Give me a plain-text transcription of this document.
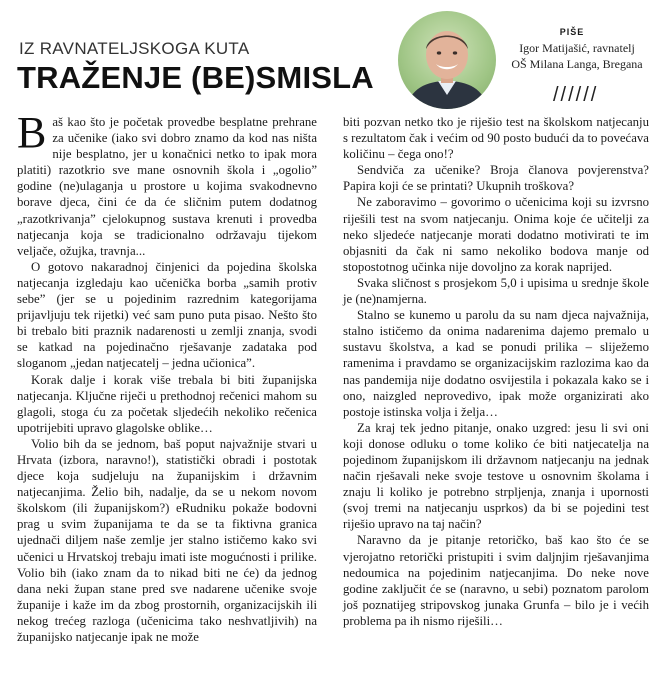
IZ RAVNATELJSKOGA KUTA
TRAŽENJE (BE)SMISLA
PIŠE
Igor Matijašić, ravnatelj
OŠ Milana Langa, Bregana
//////

Baš kao što je početak provedbe besplatne prehrane za učenike (iako svi dobro znamo da kod nas ništa nije besplatno, jer u konačnici netko to ipak mora platiti) razotkrio sve mane osnovnih škola i „ogolio” godine (ne)ulaganja u prostore u kojima svakodnevno borave djeca, čini će da će sličnim putem dodatnog „razotkrivanja” cjelokupnog sustava krenuti i provedba natjecanja koja se tradicionalno održavaju tijekom veljače, ožujka, travnja...

O gotovo nakaradnoj činjenici da pojedina školska natjecanja izgledaju kao učenička borba „samih protiv sebe” (jer se u pojedinim razrednim kategorijama prijavljuju tek rijetki) već sam puno puta pisao. Nešto što bi trebalo biti praznik nadarenosti u zemlji znanja, svodi se katkad na pojedinačno rješavanje zadataka pod sloganom „jedan natjecatelj – jedna učionica”.

Korak dalje i korak više trebala bi biti županijska natjecanja. Ključne riječi u prethodnoj rečenici mahom su glagoli, stoga ću za početak sljedećih nekoliko rečenica upotrijebiti upravo glagolske oblike…

Volio bih da se jednom, baš poput najvažnije stvari u Hrvata (izbora, naravno!), statistički obradi i postotak djece koja sudjeluju na županijskim i državnim natjecanjima. Želio bih, nadalje, da se u nekom novom školskom (ili županijskom?) eRudniku pokaže bodovni prag u svim županijama te da se ta fiktivna granica ujednači diljem naše zemlje jer stalno ističemo kako svi učenici u Hrvatskoj trebaju imati iste mogućnosti i prilike. Volio bih (iako znam da to nikad biti ne će) da jednog dana neki župan stane pred sve nadarene učenike svoje županije i kaže im da zbog prostornih, organizacijskih ili nekog trećeg razloga (učenicima tako neshvatljivih) na županijsko natjecanje ipak ne može

biti pozvan netko tko je riješio test na školskom natjecanju s rezultatom čak i većim od 90 posto budući da to povećava količinu – čega ono!?

Sendviča za učenike? Broja članova povjerenstva? Papira koji će se printati? Ukupnih troškova?

Ne zaboravimo – govorimo o učenicima koji su izvrsno riješili test na svom natjecanju. Onima koje će učitelji za neko sljedeće natjecanje morati dodatno motivirati te im objasniti da čak ni samo nekoliko bodova manje od stopostotnog učinka nije dovoljno za korak naprijed.

Svaka sličnost s prosjekom 5,0 i upisima u srednje škole je (ne)namjerna.

Stalno se kunemo u parolu da su nam djeca najvažnija, stalno ističemo da onima nadarenima dajemo premalo u sustavu školstva, a kad se ponudi prilika – sliježemo ramenima i pravdamo se organizacijskim razlozima kao da nas pandemija nije dodatno osvijestila i pokazala kako se i ono, naizgled neprovedivo, ipak može organizirati ako postoje istinska volja i želja…

Za kraj tek jedno pitanje, onako uzgred: jesu li svi oni koji donose odluku o tome koliko će biti natjecatelja na pojedinom županijskom ili državnom natjecanju na jednak način rješavali neke svoje testove u osnovnim školama i znaju li koliko je potrebno strpljenja, znanja i upornosti (svoj tremi na natjecanju usprkos) da bi se pojedini test riješio upravo na taj način?

Naravno da je pitanje retoričko, baš kao što će se vjerojatno retorički pristupiti i svim daljnjim rješavanjima nedoumica na pojedinim natjecanjima. Do neke nove godine zaključit će se (naravno, u sebi) poznatom parolom još poznatijeg stripovskog junaka Grunfa – bilo je i većih problema pa ih nismo riješili…
